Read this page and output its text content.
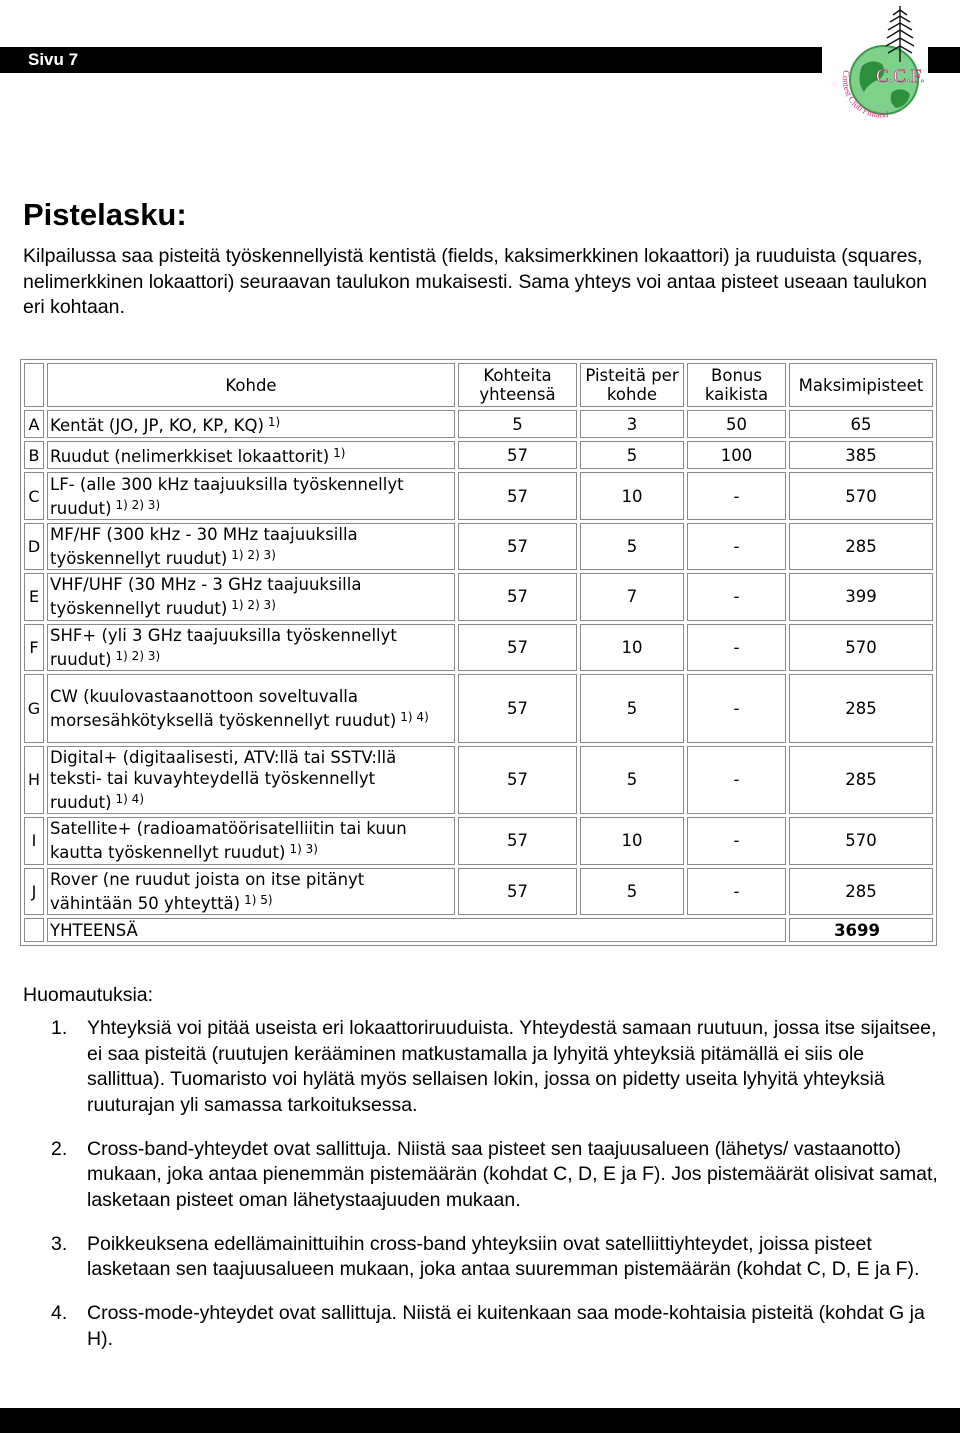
Sivu 7
Contest Club Finland
C.C.F.
Pistelasku:

Kilpailussa saa pisteitä työskennellyistä kentistä (fields, kaksimerkkinen lokaattori) ja ruuduista (squares, nelimerkkinen lokaattori) seuraavan taulukon mukaisesti. Sama yhteys voi antaa pisteet useaan taulukon eri kohtaan.

	Kohde	Kohteita yhteensä	Pisteitä per kohde	Bonus kaikista	Maksimipisteet
A	Kentät (JO, JP, KO, KP, KQ) $^{1)}$	5	3	50	65
B	Ruudut (nelimerkkiset lokaattorit) $^{1)}$	57	5	100	385
C	LF- (alle 300 kHz taajuuksilla työskennellyt ruudut) $^{1) 2) 3)}$	57	10	-	570
D	MF/HF (300 kHz - 30 MHz taajuuksilla työskennellyt ruudut) $^{1) 2) 3)}$	57	5	-	285
E	VHF/UHF (30 MHz - 3 GHz taajuuksilla työskennellyt ruudut) $^{1) 2) 3)}$	57	7	-	399
F	SHF+ (yli 3 GHz taajuuksilla työskennellyt ruudut) $^{1) 2) 3)}$	57	10	-	570
G	CW (kuulovastaanottoon soveltuvalla morsesähkötyksellä työskennellyt ruudut) $^{1) 4)}$	57	5	-	285
H	Digital+ (digitaalisesti, ATV:llä tai SSTV:llä teksti- tai kuvayhteydellä työskennellyt ruudut) $^{1) 4)}$	57	5	-	285
I	Satellite+ (radioamatöörisatelliitin tai kuun kautta työskennellyt ruudut) $^{1) 3)}$	57	10	-	570
J	Rover (ne ruudut joista on itse pitänyt vähintään 50 yhteyttä) $^{1) 5)}$	57	5	-	285
	YHTEENSÄ				3699

Huomautuksia:

1. Yhteyksiä voi pitää useista eri lokaattoriruuduista. Yhteydestä samaan ruutuun, jossa itse sijaitsee, ei saa pisteitä (ruutujen kerääminen matkustamalla ja lyhyitä yhteyksiä pitämällä ei siis ole sallittua). Tuomaristo voi hylätä myös sellaisen lokin, jossa on pidetty useita lyhyitä yhteyksiä ruuturajan yli samassa tarkoituksessa.
2. Cross-band-yhteydet ovat sallittuja. Niistä saa pisteet sen taajuusalueen (lähetys/ vastaanotto) mukaan, joka antaa pienemmän pistemäärän (kohdat C, D, E ja F). Jos pistemäärät olisivat samat, lasketaan pisteet oman lähetystaajuuden mukaan.
3. Poikkeuksena edellämainittuihin cross-band yhteyksiin ovat satelliittiyhteydet, joissa pisteet lasketaan sen taajuusalueen mukaan, joka antaa suuremman pistemäärän (kohdat C, D, E ja F).
4. Cross-mode-yhteydet ovat sallittuja. Niistä ei kuitenkaan saa mode-kohtaisia pisteitä (kohdat G ja H).
